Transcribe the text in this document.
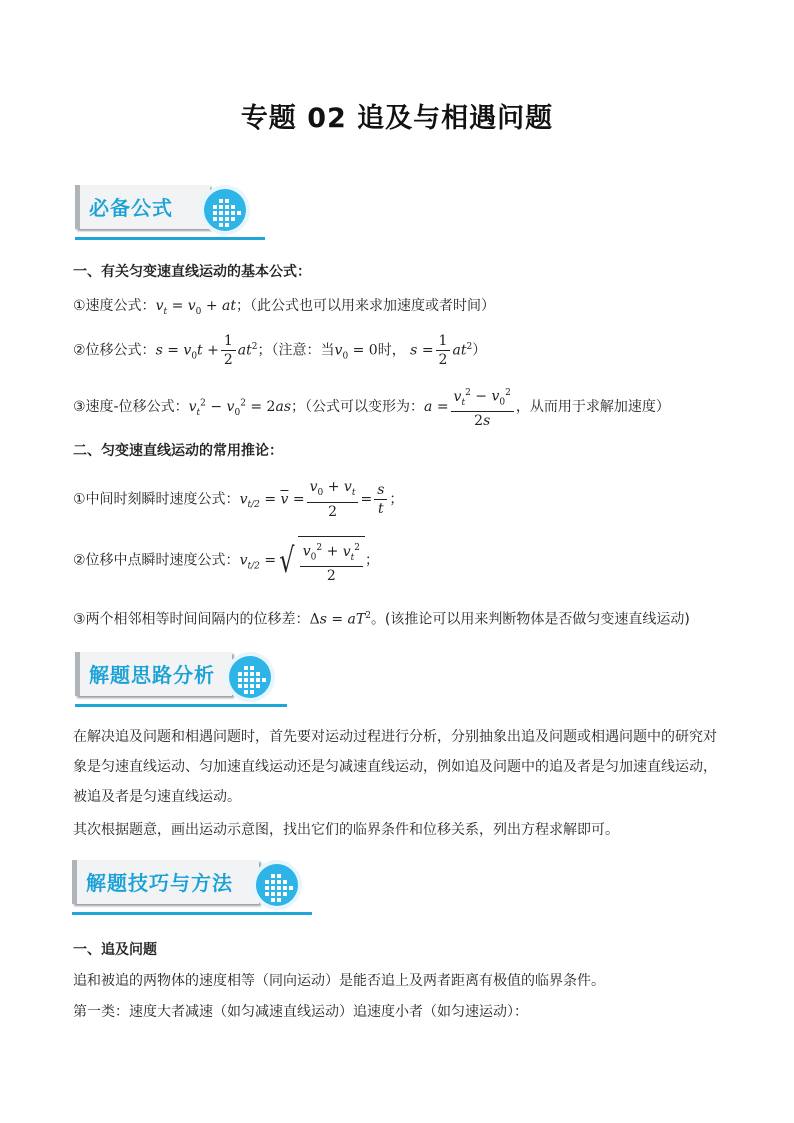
专题 02 追及与相遇问题
必备公式
一、有关匀变速直线运动的基本公式：
①速度公式：$v_t = v_0$ + at；（此公式也可以用来求加速度或者时间）
②位移公式：$s = v_0t + \frac{1}{2} at^2$；（注意：当$v_0 = 0$时， $s = \frac{1}{2} at^2$）
③速度-位移公式：$v_t^2 - v_0^2 = 2as$；（公式可以变形为：$a = \frac{v_t^2 - v_0^2}{2s}$ ，从而用于求解加速度）
二、匀变速直线运动的常用推论：
①中间时刻瞬时速度公式：$v_{t/2} = \overline{v} = \frac{v_0 + v_t}{2} = \frac{s}{t}$ ；
②位移中点瞬时速度公式：$v_{t/2}$ =√ $\frac{v_0^2 + v_t^2}{2}$ ；
③两个相邻相等时间间隔内的位移差：$\Delta s = aT^2$。(该推论可以用来判断物体是否做匀变速直线运动)
解题思路分析
在解决追及问题和相遇问题时，首先要对运动过程进行分析，分别抽象出追及问题或相遇问题中的研究对象是匀速直线运动、匀加速直线运动还是匀减速直线运动，例如追及问题中的追及者是匀加速直线运动，被追及者是匀速直线运动。
其次根据题意，画出运动示意图，找出它们的临界条件和位移关系，列出方程求解即可。
解题技巧与方法
一、追及问题
追和被追的两物体的速度相等（同向运动）是能否追上及两者距离有极值的临界条件。
第一类：速度大者减速（如匀减速直线运动）追速度小者（如匀速运动）：
